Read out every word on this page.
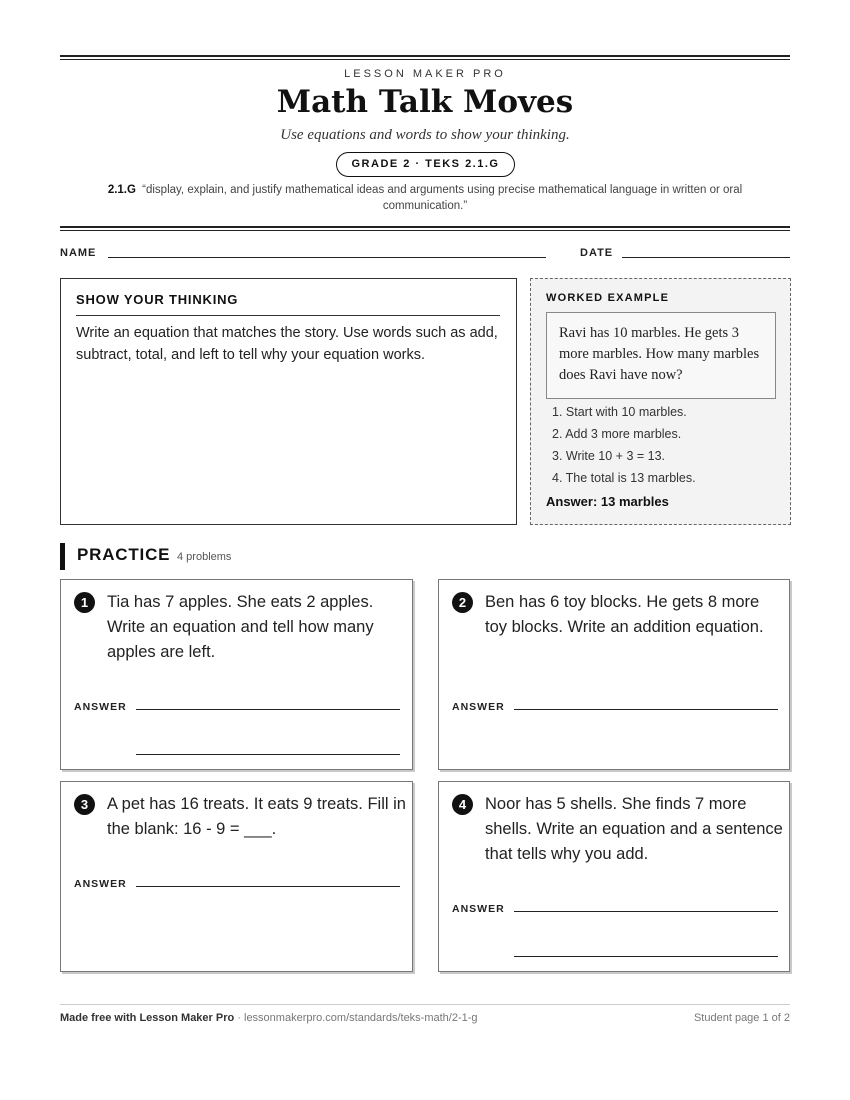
LESSON MAKER PRO
Math Talk Moves
Use equations and words to show your thinking.
GRADE 2 · TEKS 2.1.G
2.1.G “display, explain, and justify mathematical ideas and arguments using precise mathematical language in written or oral communication.”
NAME	DATE
SHOW YOUR THINKING
Write an equation that matches the story. Use words such as add, subtract, total, and left to tell why your equation works.
WORKED EXAMPLE
Ravi has 10 marbles. He gets 3 more marbles. How many marbles does Ravi have now?
1. Start with 10 marbles.
2. Add 3 more marbles.
3. Write 10 + 3 = 13.
4. The total is 13 marbles.
Answer: 13 marbles
PRACTICE 4 problems
1	Tia has 7 apples. She eats 2 apples. Write an equation and tell how many apples are left.
ANSWER
2	Ben has 6 toy blocks. He gets 8 more toy blocks. Write an addition equation.
ANSWER
3	A pet has 16 treats. It eats 9 treats. Fill in the blank: 16 - 9 = ___.
ANSWER
4	Noor has 5 shells. She finds 7 more shells. Write an equation and a sentence that tells why you add.
ANSWER
Made free with Lesson Maker Pro · lessonmakerpro.com/standards/teks-math/2-1-g	Student page 1 of 2
